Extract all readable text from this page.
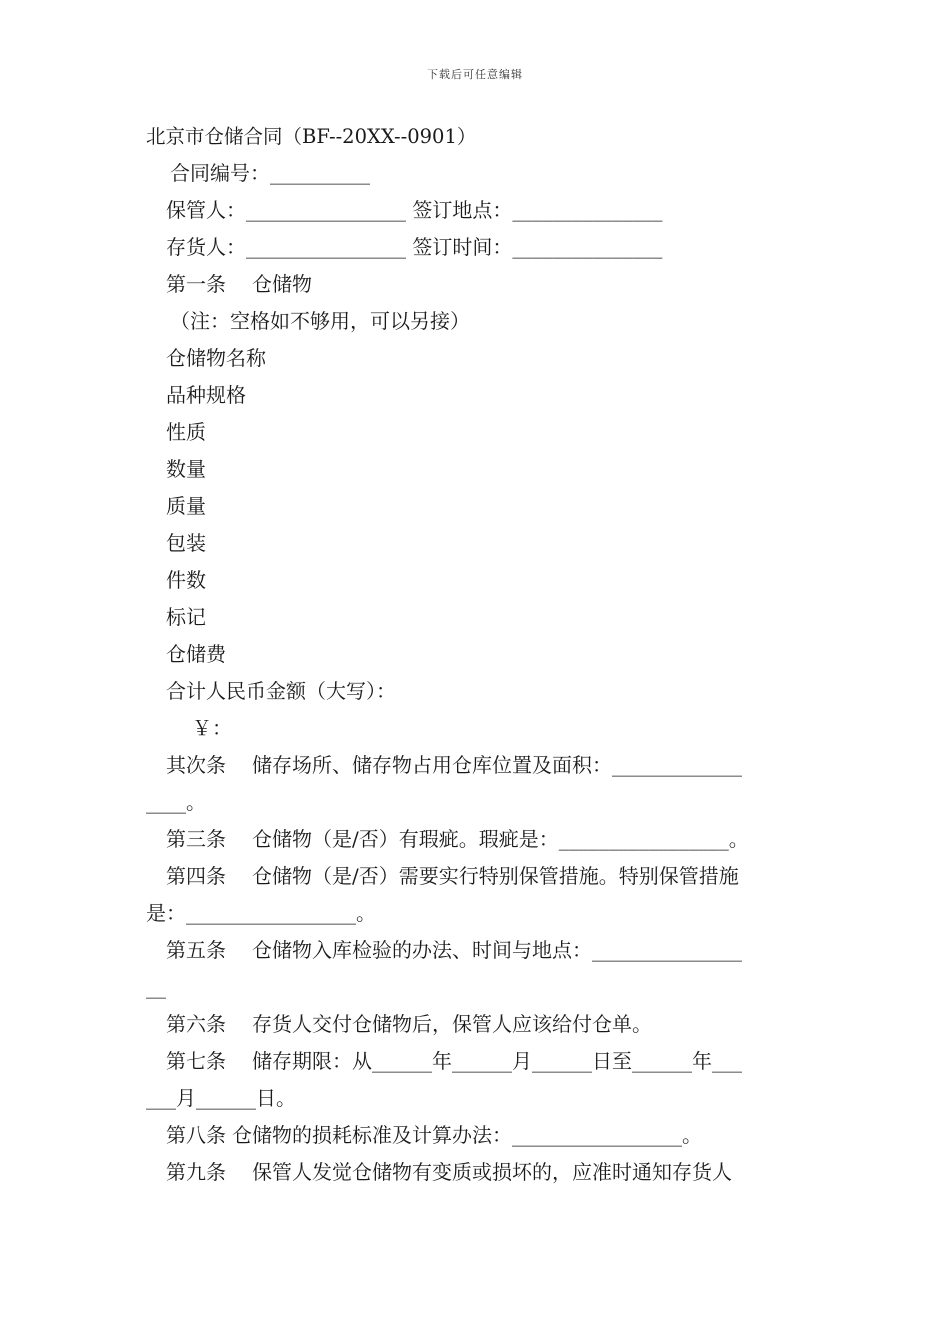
下载后可任意编辑
北京市仓储合同（BF--20XX--0901）
合同编号：__________
保管人：________________ 签订地点：_______________
存货人：________________ 签订时间：_______________
第一条 仓储物
（注：空格如不够用，可以另接）
仓储物名称
品种规格
性质
数量
质量
包装
件数
标记
仓储费
合计人民币金额（大写）：
￥：
其次条 储存场所、储存物占用仓库位置及面积：_____________
____。
第三条 仓储物（是/否）有瑕疵。瑕疵是：_________________。
第四条 仓储物（是/否）需要实行特别保管措施。特别保管措施
是：_________________。
第五条 仓储物入库检验的办法、时间与地点：_______________
__
第六条 存货人交付仓储物后，保管人应该给付仓单。
第七条 储存期限：从______年______月______日至______年___
___月______日。
第八条 仓储物的损耗标准及计算办法：_________________。
第九条 保管人发觉仓储物有变质或损坏的，应准时通知存货人
